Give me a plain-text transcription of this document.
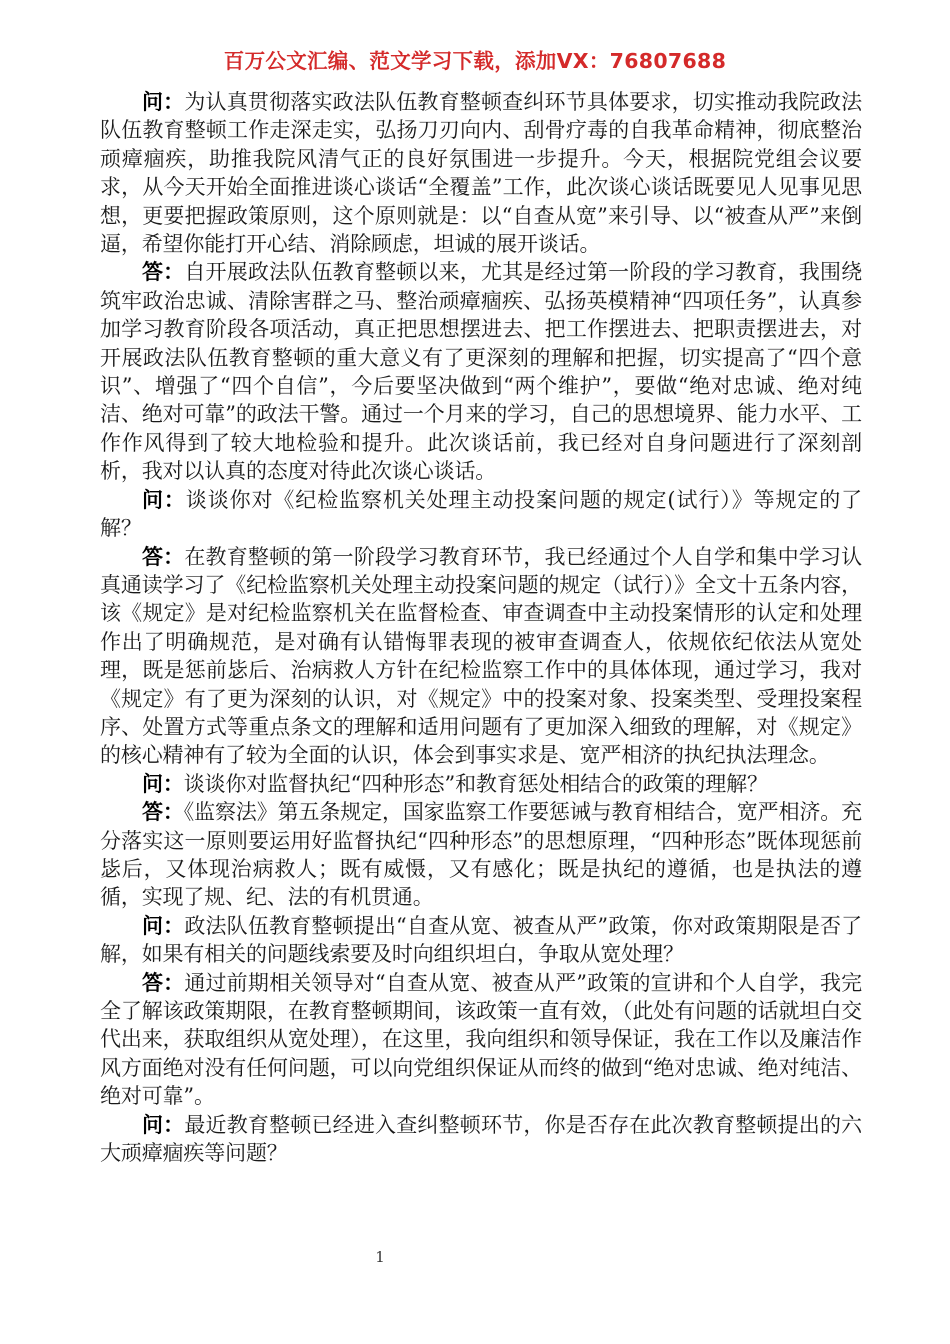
百万公文汇编、范文学习下载，添加VX：76807688

问：为认真贯彻落实政法队伍教育整顿查纠环节具体要求，切实推动我院政法队伍教育整顿工作走深走实，弘扬刀刃向内、刮骨疗毒的自我革命精神，彻底整治顽瘴痼疾，助推我院风清气正的良好氛围进一步提升。今天，根据院党组会议要求，从今天开始全面推进谈心谈话“全覆盖”工作，此次谈心谈话既要见人见事见思想，更要把握政策原则，这个原则就是：以“自查从宽”来引导、以“被查从严”来倒逼，希望你能打开心结、消除顾虑，坦诚的展开谈话。

答：自开展政法队伍教育整顿以来，尤其是经过第一阶段的学习教育，我围绕筑牢政治忠诚、清除害群之马、整治顽瘴痼疾、弘扬英模精神“四项任务”，认真参加学习教育阶段各项活动，真正把思想摆进去、把工作摆进去、把职责摆进去，对开展政法队伍教育整顿的重大意义有了更深刻的理解和把握，切实提高了“四个意识”、增强了“四个自信”，今后要坚决做到“两个维护”，要做“绝对忠诚、绝对纯洁、绝对可靠”的政法干警。通过一个月来的学习，自己的思想境界、能力水平、工作作风得到了较大地检验和提升。此次谈话前，我已经对自身问题进行了深刻剖析，我对以认真的态度对待此次谈心谈话。

问：谈谈你对《纪检监察机关处理主动投案问题的规定(试行）》等规定的了解？

答：在教育整顿的第一阶段学习教育环节，我已经通过个人自学和集中学习认真通读学习了《纪检监察机关处理主动投案问题的规定（试行）》全文十五条内容，该《规定》是对纪检监察机关在监督检查、审查调查中主动投案情形的认定和处理作出了明确规范，是对确有认错悔罪表现的被审查调查人，依规依纪依法从宽处理，既是惩前毖后、治病救人方针在纪检监察工作中的具体体现，通过学习，我对《规定》有了更为深刻的认识，对《规定》中的投案对象、投案类型、受理投案程序、处置方式等重点条文的理解和适用问题有了更加深入细致的理解，对《规定》的核心精神有了较为全面的认识，体会到事实求是、宽严相济的执纪执法理念。

问：谈谈你对监督执纪“四种形态”和教育惩处相结合的政策的理解？

答：《监察法》第五条规定，国家监察工作要惩诫与教育相结合，宽严相济。充分落实这一原则要运用好监督执纪“四种形态”的思想原理，“四种形态”既体现惩前毖后，又体现治病救人；既有威慑，又有感化；既是执纪的遵循，也是执法的遵循，实现了规、纪、法的有机贯通。

问：政法队伍教育整顿提出“自查从宽、被查从严”政策，你对政策期限是否了解，如果有相关的问题线索要及时向组织坦白，争取从宽处理？

答：通过前期相关领导对“自查从宽、被查从严”政策的宣讲和个人自学，我完全了解该政策期限，在教育整顿期间，该政策一直有效，（此处有问题的话就坦白交代出来，获取组织从宽处理），在这里，我向组织和领导保证，我在工作以及廉洁作风方面绝对没有任何问题，可以向党组织保证从而终的做到“绝对忠诚、绝对纯洁、绝对可靠”。

问：最近教育整顿已经进入查纠整顿环节，你是否存在此次教育整顿提出的六大顽瘴痼疾等问题？

1
